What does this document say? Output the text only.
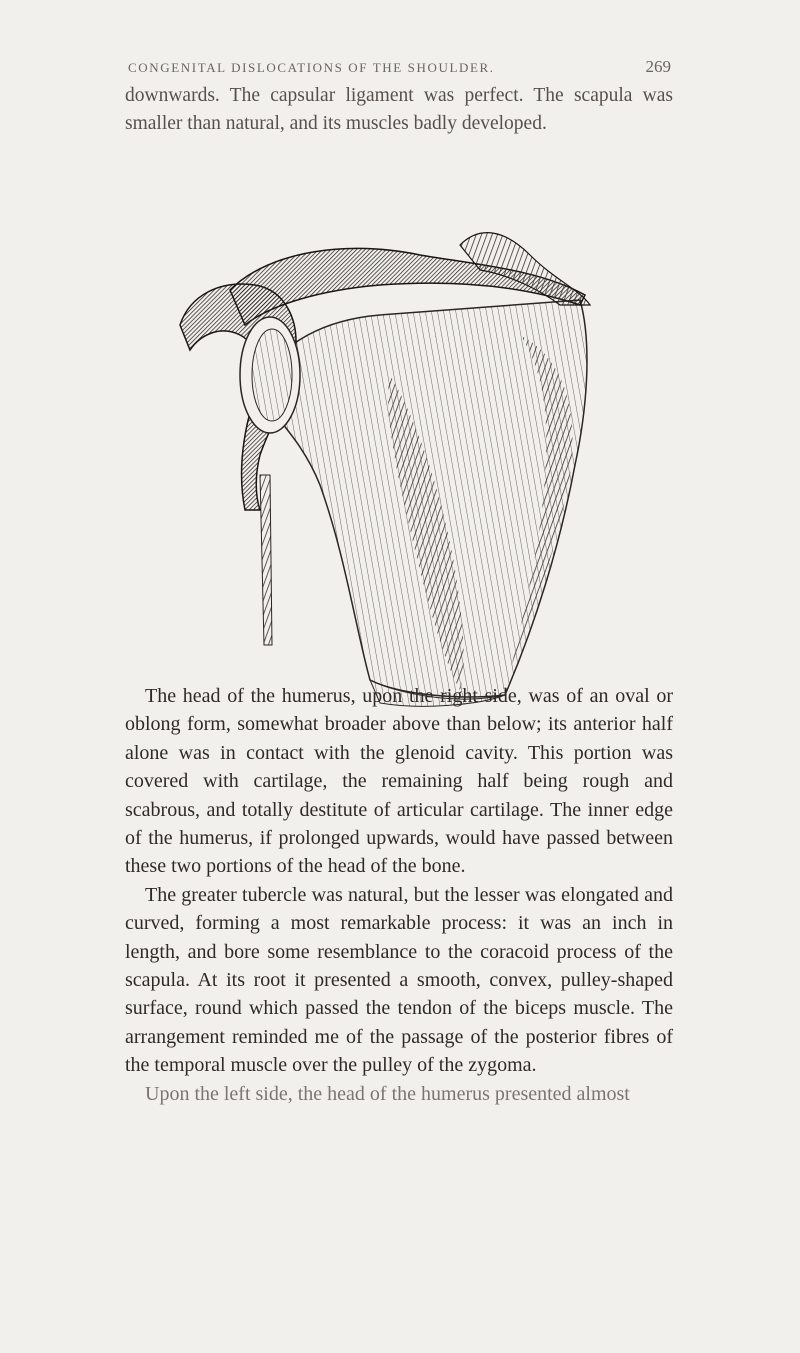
CONGENITAL DISLOCATIONS OF THE SHOULDER.	269

downwards. The capsular ligament was perfect. The scapula was smaller than natural, and its muscles badly developed.

The head of the humerus, upon the right side, was of an oval or oblong form, somewhat broader above than below; its anterior half alone was in contact with the glenoid cavity. This portion was covered with cartilage, the remaining half being rough and scabrous, and totally destitute of articular cartilage. The inner edge of the humerus, if prolonged upwards, would have passed between these two portions of the head of the bone.

The greater tubercle was natural, but the lesser was elongated and curved, forming a most remarkable process: it was an inch in length, and bore some resemblance to the coracoid process of the scapula. At its root it presented a smooth, convex, pulley-shaped surface, round which passed the tendon of the biceps muscle. The arrangement reminded me of the passage of the posterior fibres of the temporal muscle over the pulley of the zygoma.

Upon the left side, the head of the humerus presented almost
